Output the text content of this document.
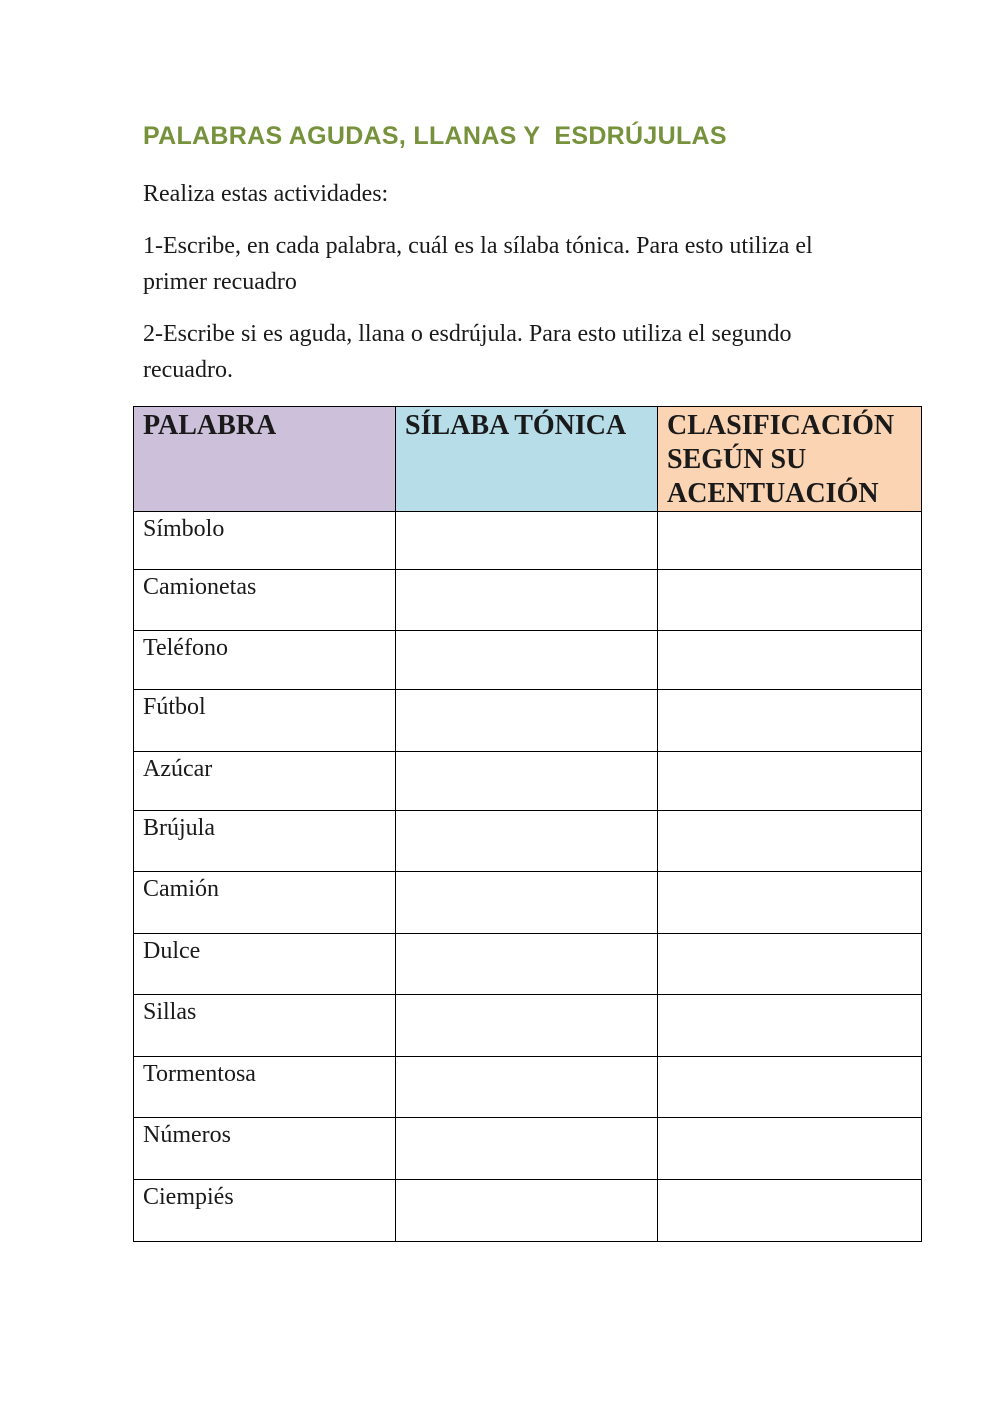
PALABRAS AGUDAS, LLANAS Y  ESDRÚJULAS

Realiza estas actividades:

1-Escribe, en cada palabra, cuál es la sílaba tónica. Para esto utiliza el primer recuadro

2-Escribe si es aguda, llana o esdrújula. Para esto utiliza el segundo recuadro.

PALABRA	SÍLABA TÓNICA	CLASIFICACIÓN SEGÚN SU ACENTUACIÓN
Símbolo		
Camionetas		
Teléfono		
Fútbol		
Azúcar		
Brújula		
Camión		
Dulce		
Sillas		
Tormentosa		
Números		
Ciempiés		
